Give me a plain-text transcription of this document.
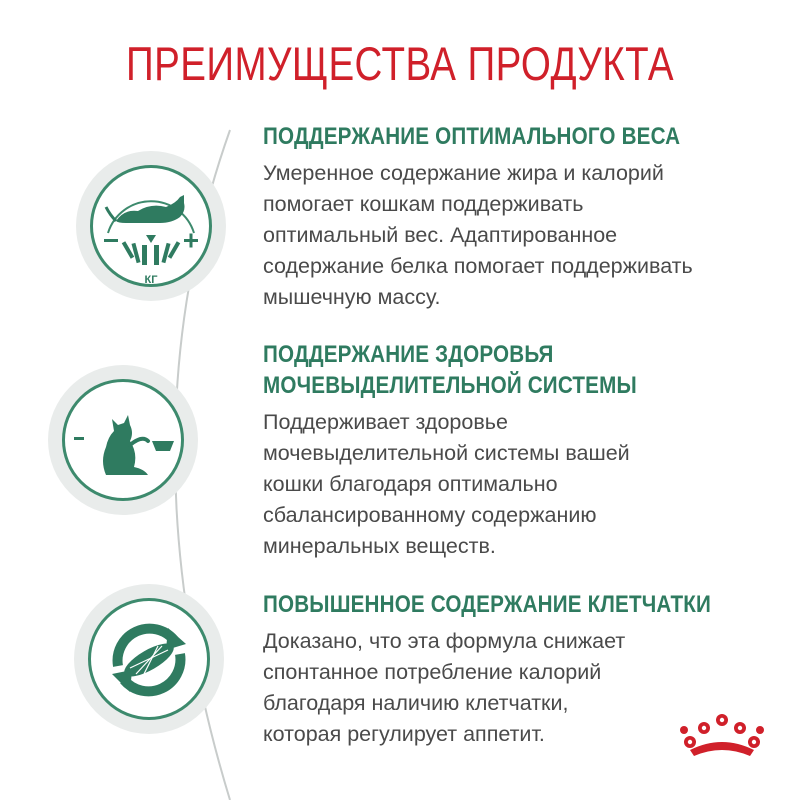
ПРЕИМУЩЕСТВА ПРОДУКТА
КГ
ПОДДЕРЖАНИЕ ОПТИМАЛЬНОГО ВЕСА

Умеренное содержание жира и калорий
помогает кошкам поддерживать
оптимальный вес. Адаптированное
содержание белка помогает поддерживать
мышечную массу.

ПОДДЕРЖАНИЕ ЗДОРОВЬЯ
МОЧЕВЫДЕЛИТЕЛЬНОЙ СИСТЕМЫ

Поддерживает здоровье
мочевыделительной системы вашей
кошки благодаря оптимально
сбалансированному содержанию
минеральных веществ.

ПОВЫШЕННОЕ СОДЕРЖАНИЕ КЛЕТЧАТКИ

Доказано, что эта формула снижает
спонтанное потребление калорий
благодаря наличию клетчатки,
которая регулирует аппетит.
